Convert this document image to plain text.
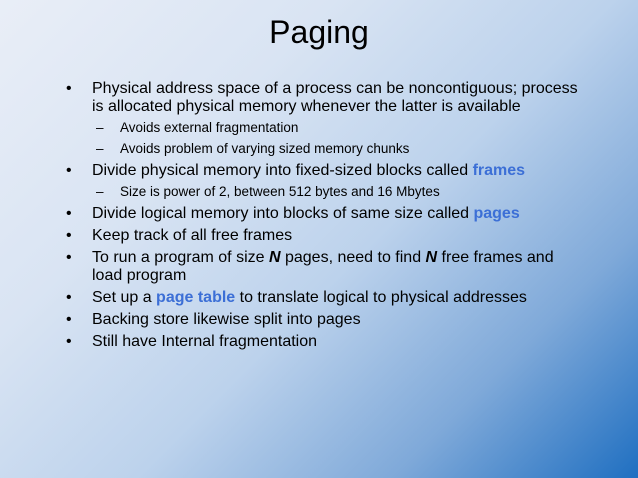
Paging
• Physical address space of a process can be noncontiguous; process is allocated physical memory whenever the latter is available
– Avoids external fragmentation
– Avoids problem of varying sized memory chunks
• Divide physical memory into fixed-sized blocks called frames
– Size is power of 2, between 512 bytes and 16 Mbytes
• Divide logical memory into blocks of same size called pages
• Keep track of all free frames
• To run a program of size N pages, need to find N free frames and load program
• Set up a page table to translate logical to physical addresses
• Backing store likewise split into pages
• Still have Internal fragmentation
